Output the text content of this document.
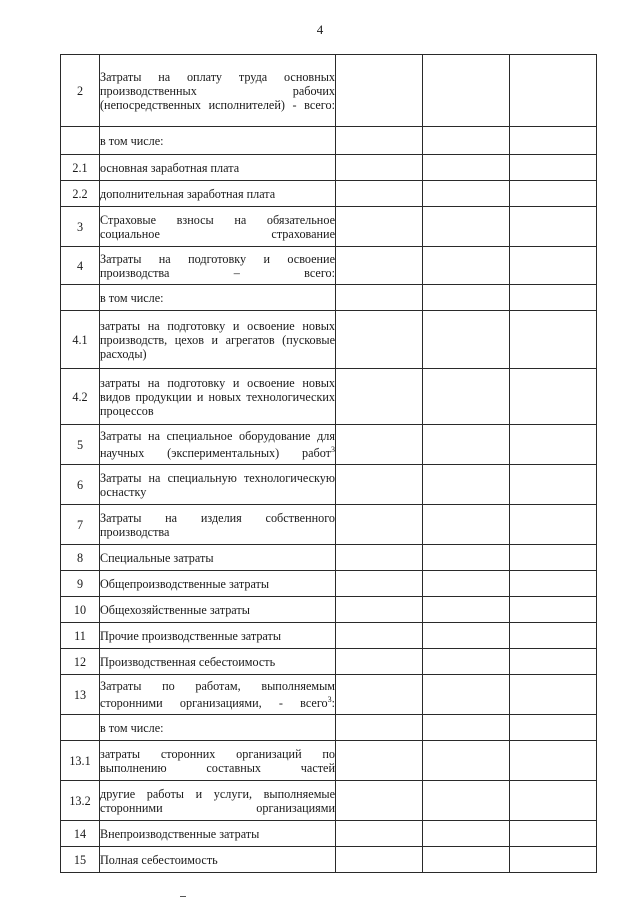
4
2	Затраты на оплату труда основных производственных рабочих (непосредственных исполнителей) - всего:			
	в том числе:			
2.1	основная заработная плата			
2.2	дополнительная заработная плата			
3	Страховые взносы на обязательное социальное страхование			
4	Затраты на подготовку и освоение производства – всего:			
	в том числе:			
4.1	затраты на подготовку и освоение новых производств, цехов и агрегатов (пусковые расходы)			
4.2	затраты на подготовку и освоение новых видов продукции и новых технологических процессов			
5	Затраты на специальное оборудование для научных (экспериментальных) работ$^3$			
6	Затраты на специальную технологическую оснастку			
7	Затраты на изделия собственного производства			
8	Специальные затраты			
9	Общепроизводственные затраты			
10	Общехозяйственные затраты			
11	Прочие производственные затраты			
12	Производственная себестоимость			
13	Затраты по работам, выполняемым сторонними организациями, - всего$^3$:			
	в том числе:			
13.1	затраты сторонних организаций по выполнению составных частей			
13.2	другие работы и услуги, выполняемые сторонними организациями			
14	Внепроизводственные затраты			
15	Полная себестоимость			
